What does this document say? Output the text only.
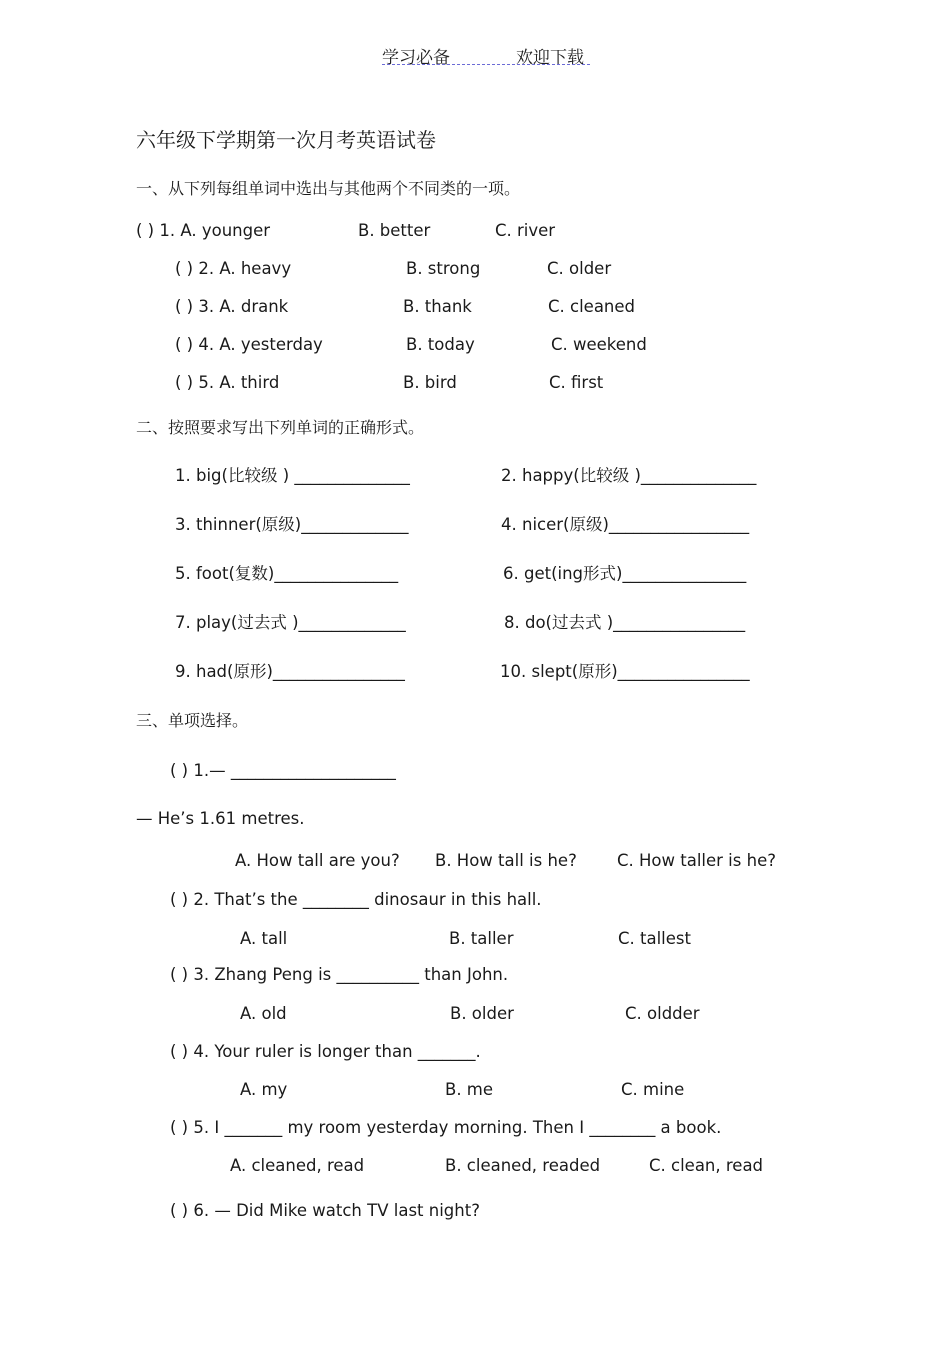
学习必备	欢迎下载
六年级下学期第一次月考英语试卷
一、从下列每组单词中选出与其他两个不同类的一项。
( ) 1. A. younger	B. better	C. river
( ) 2. A. heavy	B. strong	C. older
( ) 3. A. drank	B. thank	C. cleaned
( ) 4. A. yesterday	B. today	C. weekend
( ) 5. A. third	B. bird	C. first
二、按照要求写出下列单词的正确形式。
1. big(比较级 ) ______________	2. happy(比较级 )______________
3. thinner(原级)_____________	4. nicer(原级)_________________
5. foot(复数)_______________	6. get(ing形式)_______________
7. play(过去式 )_____________	8. do(过去式 )________________
9. had(原形)________________	10. slept(原形)________________
三、单项选择。
( ) 1.— ____________________
— He’s 1.61 metres.
A. How tall are you? B. How tall is he? C. How taller is he?
( ) 2. That’s the ________ dinosaur in this hall.
A. tall	B. taller	C. tallest
( ) 3. Zhang Peng is __________ than John.
A. old	B. older	C. oldder
( ) 4. Your ruler is longer than _______.
A. my	B. me	C. mine
( ) 5. I _______ my room yesterday morning. Then I ________ a book.
A. cleaned, read	B. cleaned, readed	C. clean, read
( ) 6. — Did Mike watch TV last night?
